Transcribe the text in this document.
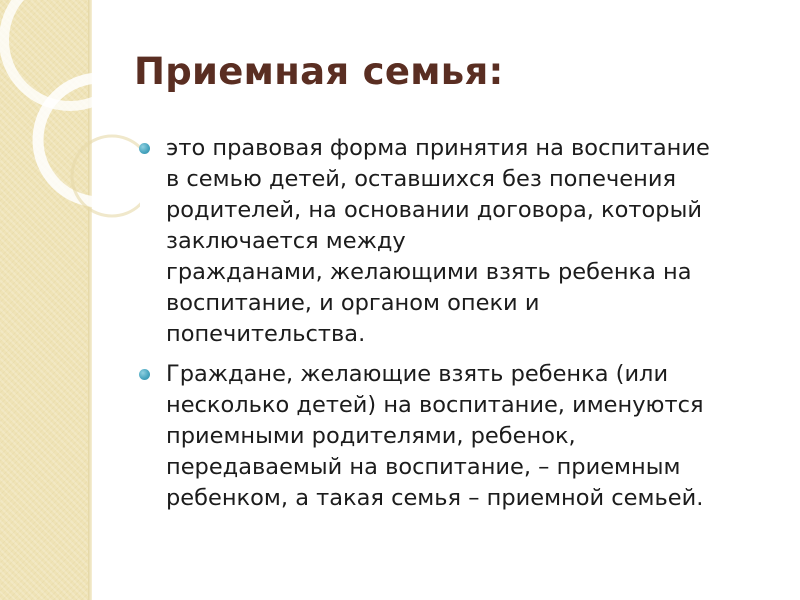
Приемная семья:
это правовая форма принятия на воспитание
в семью детей, оставшихся без попечения
родителей, на основании договора, который
заключается между
гражданами, желающими взять ребенка на
воспитание, и органом опеки и
попечительства.
Граждане, желающие взять ребенка (или
несколько детей) на воспитание, именуются
приемными родителями, ребенок,
передаваемый на воспитание, – приемным
ребенком, а такая семья – приемной семьей.
